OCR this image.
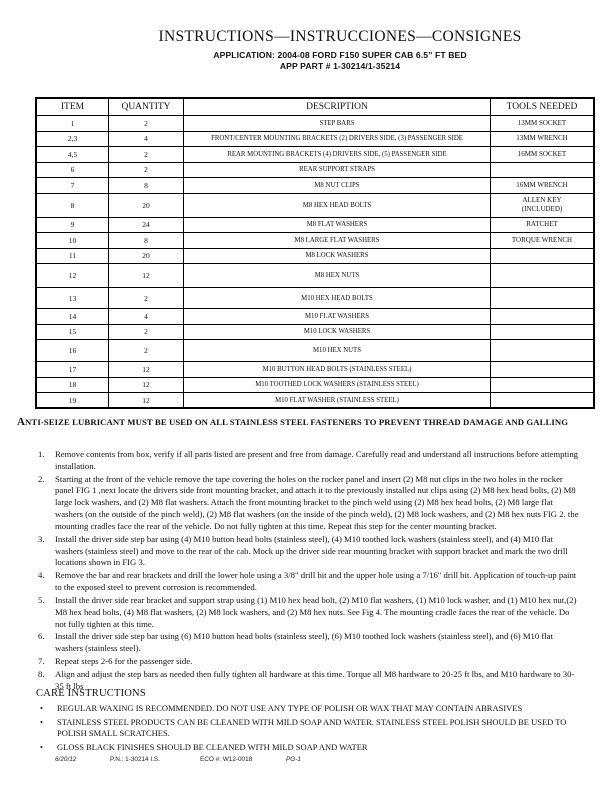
INSTRUCTIONS—INSTRUCCIONES—CONSIGNES
APPLICATION: 2004-08 FORD F150 SUPER CAB 6.5” FT BED
APP PART # 1-30214/1-35214
ITEM	QUANTITY	DESCRIPTION	TOOLS NEEDED
1	2	STEP BARS	13MM SOCKET
2,3	4	FRONT/CENTER MOUNTING BRACKETS (2) DRIVERS SIDE, (3) PASSENGER SIDE	13MM WRENCH
4,5	2	REAR MOUNTING BRACKETS (4) DRIVERS SIDE, (5) PASSENGER SIDE	16MM SOCKET
6	2	REAR SUPPORT STRAPS	
7	8	M8 NUT CLIPS	16MM WRENCH
8	20	M8 HEX HEAD BOLTS	ALLEN KEY
(INCLUDED)
9	24	M8 FLAT WASHERS	RATCHET
10	8	M8 LARGE FLAT WASHERS	TORQUE WRENCH
11	20	M8 LOCK WASHERS	
12	12	M8 HEX NUTS	
13	2	M10 HEX HEAD BOLTS	
14	4	M10 FLAT WASHERS	
15	2	M10 LOCK WASHERS	
16	2	M10 HEX NUTS	
17	12	M10 BUTTON HEAD BOLTS (STAINLESS STEEL)	
18	12	M10 TOOTHED LOCK WASHERS (STAINLESS STEEL)	
19	12	M10 FLAT WASHER (STAINLESS STEEL)	
ANTI-SEIZE LUBRICANT MUST BE USED ON ALL STAINLESS STEEL FASTENERS TO PREVENT THREAD DAMAGE AND GALLING
1.	Remove contents from box, verify if all parts listed are present and free from damage. Carefully read and understand all instructions before attempting installation.
2.	Starting at the front of the vehicle remove the tape covering the holes on the rocker panel and insert (2) M8 nut clips in the two holes in the rocker panel FIG 1 ,next locate the drivers side front mounting bracket, and attach it to the previously installed nut clips using (2) M8 hex head bolts, (2) M8 large lock washers, and (2) M8 flat washers. Attach the front mounting bracket to the pinch weld using (2) M8 hex head bolts, (2) M8 large flat washers (on the outside of the pinch weld), (2) M8 flat washers (on the inside of the pinch weld), (2) M8 lock washers, and (2) M8 hex nuts FIG 2. the mounting cradles face the rear of the vehicle. Do not fully tighten at this time. Repeat this step for the center mounting bracket.
3.	Install the driver side step bar using (4) M10 button head bolts (stainless steel), (4) M10 toothed lock washers (stainless steel), and (4) M10 flat washers (stainless steel) and move to the rear of the cab. Mock up the driver side rear mounting bracket with support bracket and mark the two drill locations shown in FIG 3.
4.	Remove the bar and rear brackets and drill the lower hole using a 3/8" drill bit and the upper hole using a 7/16" drill bit. Application of touch-up paint to the exposed steel to prevent corrosion is recommended.
5.	Install the driver side rear bracket and support strap using (1) M10 hex head bolt, (2) M10 flat washers, (1) M10 lock washer, and (1) M10 hex nut,(2) M8 hex head bolts, (4) M8 flat washers, (2) M8 lock washers, and (2) M8 hex nuts. See Fig 4. The mounting cradle faces the rear of the vehicle. Do not fully tighten at this time.
6.	Install the driver side step bar using (6) M10 button head bolts (stainless steel), (6) M10 toothed lock washers (stainless steel), and (6) M10 flat washers (stainless steel).
7.	Repeat steps 2-6 for the passenger side.
8.	Align and adjust the step bars as needed then fully tighten all hardware at this time. Torque all M8 hardware to 20-25 ft lbs, and M10 hardware to 30-35 ft lbs
CARE INSTRUCTIONS
•	REGULAR WAXING IS RECOMMENDED. DO NOT USE ANY TYPE OF POLISH OR WAX THAT MAY CONTAIN ABRASIVES
•	STAINLESS STEEL PRODUCTS CAN BE CLEANED WITH MILD SOAP AND WATER. STAINLESS STEEL POLISH SHOULD BE USED TO POLISH SMALL SCRATCHES.
•	GLOSS BLACK FINISHES SHOULD BE CLEANED WITH MILD SOAP AND WATER
6/20/12	P.N.: 1-30214 I.S.	ECO #: W12-0018	PG-1
